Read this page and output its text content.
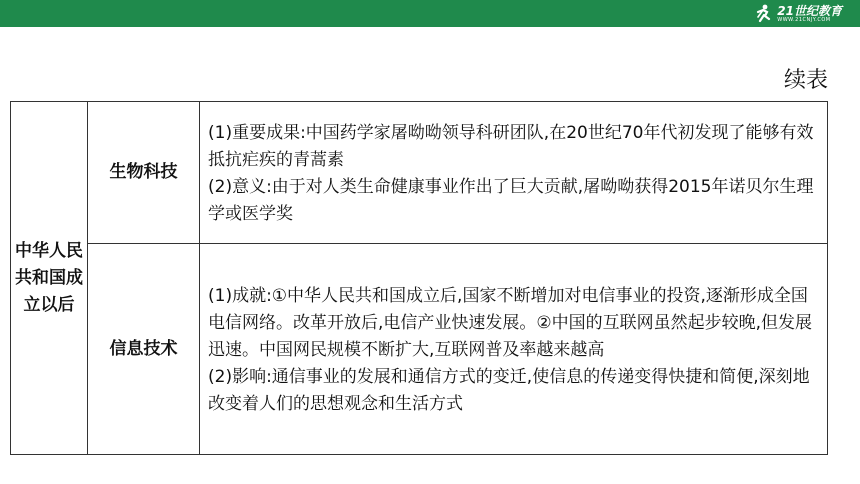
21世纪教育
WWW.21CNJY.COM
续表
中华人民共和国成立以后	生物科技	(1)重要成果:中国药学家屠呦呦领导科研团队,在20世纪70年代初发现了能够有效抵抗疟疾的青蒿素
(2)意义:由于对人类生命健康事业作出了巨大贡献,屠呦呦获得2015年诺贝尔生理学或医学奖

	信息技术	(1)成就:①中华人民共和国成立后,国家不断增加对电信事业的投资,逐渐形成全国电信网络。改革开放后,电信产业快速发展。②中国的互联网虽然起步较晚,但发展迅速。中国网民规模不断扩大,互联网普及率越来越高
(2)影响:通信事业的发展和通信方式的变迁,使信息的传递变得快捷和简便,深刻地改变着人们的思想观念和生活方式
